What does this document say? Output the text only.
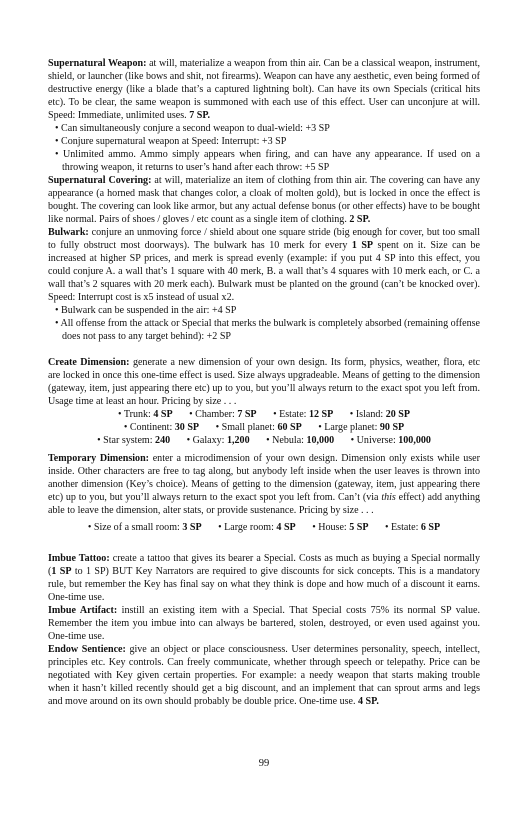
Supernatural Weapon: at will, materialize a weapon from thin air. Can be a classical weapon, instrument, shield, or launcher (like bows and shit, not firearms). Weapon can have any aesthetic, even being formed of destructive energy (like a blade that’s a captured lightning bolt). Can have its own Specials (critical hits etc). To be clear, the same weapon is summoned with each use of this effect. User can unconjure at will. Speed: Immediate, unlimited uses. 7 SP.

• Can simultaneously conjure a second weapon to dual-wield: +3 SP

• Conjure supernatural weapon at Speed: Interrupt: +3 SP

• Unlimited ammo. Ammo simply appears when firing, and can have any appearance. If used on a throwing weapon, it returns to user’s hand after each throw: +5 SP

Supernatural Covering: at will, materialize an item of clothing from thin air. The covering can have any appearance (a horned mask that changes color, a cloak of molten gold), but is locked in once the effect is bought. The covering can look like armor, but any actual defense bonus (or other effects) have to be bought like normal. Pairs of shoes / gloves / etc count as a single item of clothing. 2 SP.

Bulwark: conjure an unmoving force / shield about one square stride (big enough for cover, but too small to fully obstruct most doorways). The bulwark has 10 merk for every 1 SP spent on it. Size can be increased at higher SP prices, and merk is spread evenly (example: if you put 4 SP into this effect, you could conjure A. a wall that’s 1 square with 40 merk, B. a wall that’s 4 squares with 10 merk each, or C. a wall that’s 2 squares with 20 merk each). Bulwark must be planted on the ground (can’t be knocked over). Speed: Interrupt cost is x5 instead of usual x2.

• Bulwark can be suspended in the air: +4 SP

• All offense from the attack or Special that merks the bulwark is completely absorbed (remaining offense does not pass to any target behind): +2 SP

Create Dimension: generate a new dimension of your own design. Its form, physics, weather, flora, etc are locked in once this one-time effect is used. Size always upgradeable. Means of getting to the dimension (gateway, item, just appearing there etc) up to you, but you’ll always return to the exact spot you left from. Usage time at least an hour. Pricing by size . . .

• Trunk: 4 SP • Chamber: 7 SP • Estate: 12 SP • Island: 20 SP

• Continent: 30 SP • Small planet: 60 SP • Large planet: 90 SP

• Star system: 240 • Galaxy: 1,200 • Nebula: 10,000 • Universe: 100,000

Temporary Dimension: enter a microdimension of your own design. Dimension only exists while user inside. Other characters are free to tag along, but anybody left inside when the user leaves is thrown into another dimension (Key’s choice). Means of getting to the dimension (gateway, item, just appearing there etc) up to you, but you’ll always return to the exact spot you left from. Can’t (via this effect) add anything able to leave the dimension, alter stats, or provide sustenance. Pricing by size . . .

• Size of a small room: 3 SP • Large room: 4 SP • House: 5 SP • Estate: 6 SP

Imbue Tattoo: create a tattoo that gives its bearer a Special. Costs as much as buying a Special normally (1 SP to 1 SP) BUT Key Narrators are required to give discounts for sick concepts. This is a mandatory rule, but remember the Key has final say on what they think is dope and how much of a discount it earns. One-time use.

Imbue Artifact: instill an existing item with a Special. That Special costs 75% its normal SP value. Remember the item you imbue into can always be bartered, stolen, destroyed, or even used against you. One-time use.

Endow Sentience: give an object or place consciousness. User determines personality, speech, intellect, principles etc. Key controls. Can freely communicate, whether through speech or telepathy. Price can be negotiated with Key given certain properties. For example: a needy weapon that starts making trouble when it hasn’t killed recently should get a big discount, and an implement that can sprout arms and legs and move around on its own should probably be double price. One-time use. 4 SP.

99
